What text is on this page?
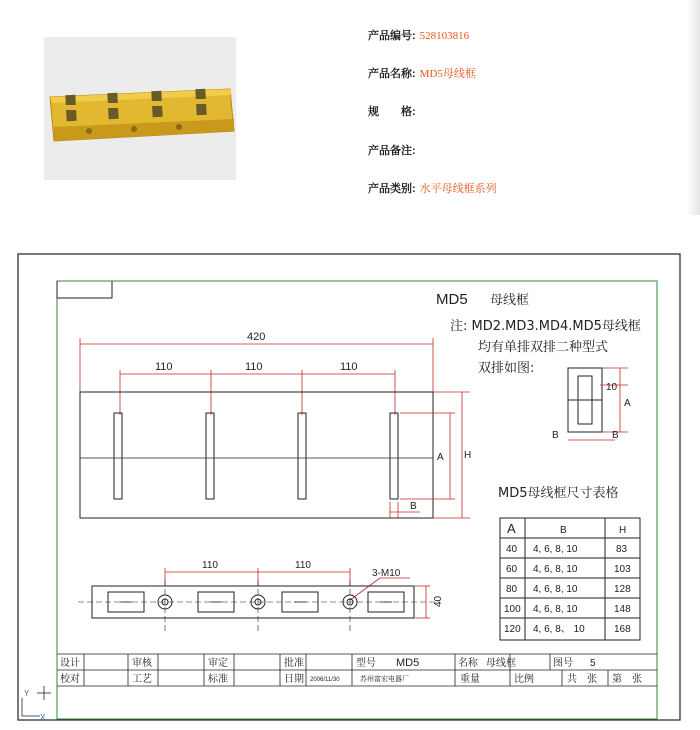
产品编号: 528103816
产品名称: MD5母线框
规　　格:
产品备注:
产品类别: 水平母线框系列
MD5 母线框
注: MD2.MD3.MD4.MD5母线框
均有单排双排二种型式
双排如图:
420
110	110	110
A H
B
10
A
B	B
MD5母线框尺寸表格
A	B	H
40 4, 6, 8, 10	83
60 4, 6, 8, 10	103
80 4, 6, 8, 10	128
100 4, 6, 8, 10	148
120 4, 6, 8、 10	168
110	110
3-M10
40
设计	审核	审定	批准	型号 MD5	名称 母线框	图号 5
校对	工艺	标准	日期 2006/11/30	苏州富宏电器厂	重量	比例	共　张 第　张
X
Y
